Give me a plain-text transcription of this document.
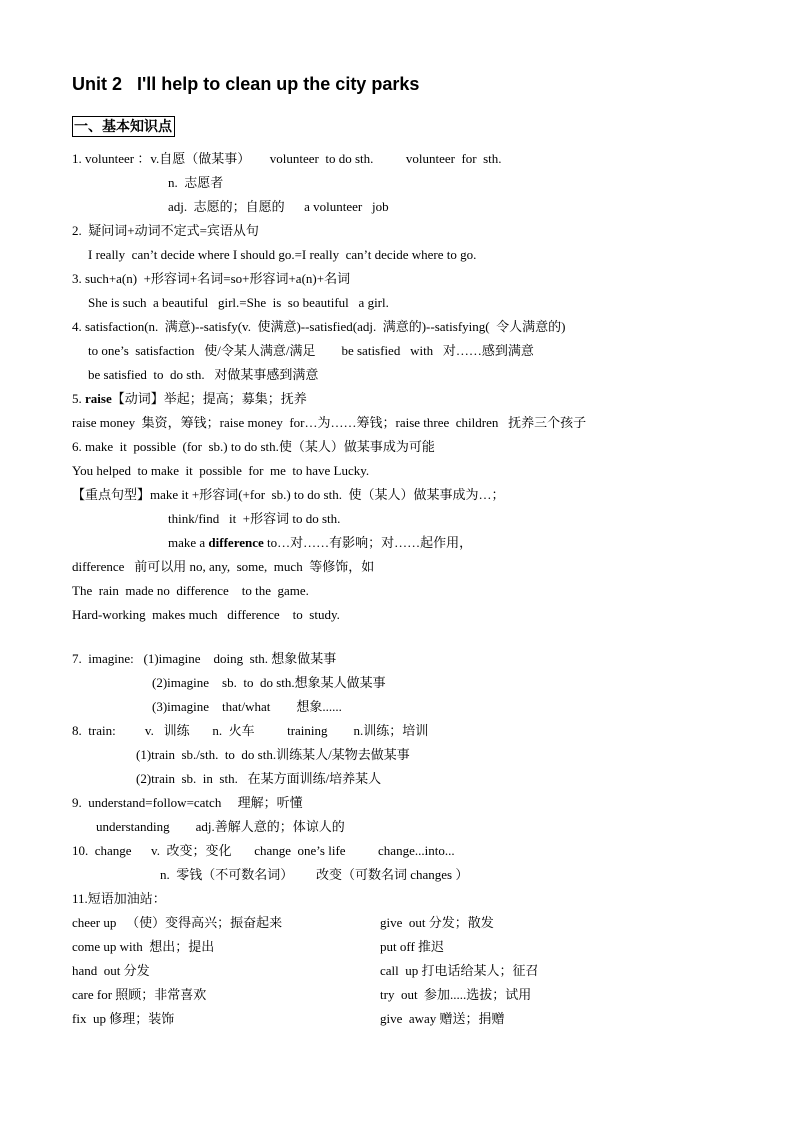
Unit 2   I'll help to clean up the city parks
一、基本知识点
1. volunteer ：v.自愿（做某事）      volunteer  to do sth.          volunteer  for  sth.
n.  志愿者
adj.  志愿的；自愿的      a volunteer   job
2.  疑问词+动词不定式=宾语从句
I really  can’t decide where I should go.=I really  can’t decide where to go.
3. such+a(n)  +形容词+名词=so+形容词+a(n)+名词
She is such  a beautiful   girl.=She  is  so beautiful   a girl.
4. satisfaction(n.  满意)--satisfy(v.  使满意)--satisfied(adj.  满意的)--satisfying(  令人满意的)
to one’s  satisfaction   使/令某人满意/满足        be satisfied   with   对……感到满意
be satisfied  to  do sth.   对做某事感到满意
5. raise【动词】举起；提高；募集；抚养
raise money  集资，筹钱；raise money  for…为……筹钱；raise three  children   抚养三个孩子
6. make  it  possible  (for  sb.) to do sth.使（某人）做某事成为可能
You helped  to make  it  possible  for  me  to have Lucky.
【重点句型】make it +形容词(+for  sb.) to do sth.  使（某人）做某事成为…；
think/find   it  +形容词 to do sth.
make a difference to…对……有影响；对……起作用，
difference   前可以用 no, any,  some,  much  等修饰，如
The  rain  made no  difference    to the  game.
Hard-working  makes much   difference    to  study.
7.  imagine:   (1)imagine    doing  sth. 想象做某事
(2)imagine    sb.  to  do sth.想象某人做某事
(3)imagine    that/what        想象......
8.  train:         v.   训练       n.  火车          training        n.训练；培训
(1)train  sb./sth.  to  do sth.训练某人/某物去做某事
(2)train  sb.  in  sth.   在某方面训练/培养某人
9.  understand=follow=catch     理解；听懂
understanding        adj.善解人意的；体谅人的
10.  change      v.  改变；变化       change  one’s life          change...into...
n.  零钱（不可数名词）       改变（可数名词 changes ）
11.短语加油站：
cheer up   （使）变得高兴；振奋起来
come up with  想出；提出
hand  out 分发
care for 照顾；非常喜欢
fix  up 修理；装饰
give  out 分发；散发
put off 推迟
call  up 打电话给某人；征召
try  out  参加.....选拔；试用
give  away 赠送；捐赠
